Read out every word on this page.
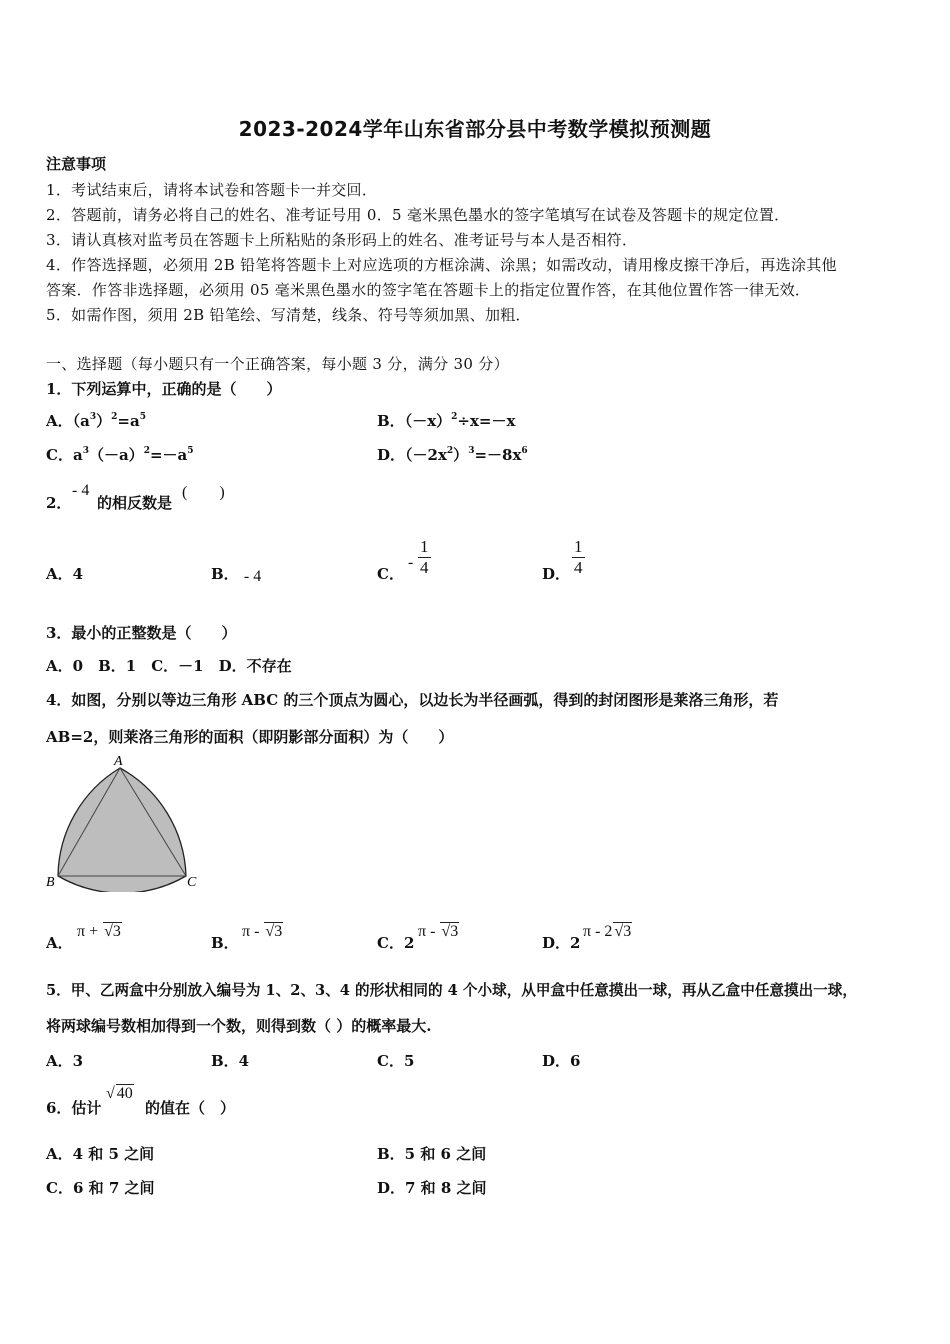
2023-2024学年山东省部分县中考数学模拟预测题
注意事项
1．考试结束后，请将本试卷和答题卡一并交回．
2．答题前，请务必将自己的姓名、准考证号用 0．5 毫米黑色墨水的签字笔填写在试卷及答题卡的规定位置．
3．请认真核对监考员在答题卡上所粘贴的条形码上的姓名、准考证号与本人是否相符．
4．作答选择题，必须用 2B 铅笔将答题卡上对应选项的方框涂满、涂黑；如需改动，请用橡皮擦干净后，再选涂其他
答案．作答非选择题，必须用 05 毫米黑色墨水的签字笔在答题卡上的指定位置作答，在其他位置作答一律无效．
5．如需作图，须用 2B 铅笔绘、写清楚，线条、符号等须加黑、加粗．
一、选择题（每小题只有一个正确答案，每小题 3 分，满分 30 分）
1．下列运算中，正确的是（　　）
A．$(a^3)^2=a^5$	B．$(-x)^2\div x=-x$
C．$a^3(-a)^2=-a^5$	D．$(-2x^2)^3=-8x^6$
2．
- 4
的相反数是
(　　)
A．4	B． - 4	C．
- $\frac{1}{4}$	D． $\frac{1}{4}$
3．最小的正整数是（　　）
A．0　B．1　C．－1　D．不存在
4．如图，分别以等边三角形 ABC 的三个顶点为圆心，以边长为半径画弧，得到的封闭图形是莱洛三角形，若
AB=2，则莱洛三角形的面积（即阴影部分面积）为（　　）
A
B	C
A．
π + √3
B．
π - √3
C．2
π - √3
D．2
π - 2 √3
5．甲、乙两盒中分别放入编号为 1、2、3、4 的形状相同的 4 个小球，从甲盒中任意摸出一球，再从乙盒中任意摸出一球，
将两球编号数相加得到一个数，则得到数（ ）的概率最大.
A．3	B．4	C．5	D．6
6．估计
√ 40
的值在（　）
A．4 和 5 之间	B．5 和 6 之间
C．6 和 7 之间	D．7 和 8 之间
